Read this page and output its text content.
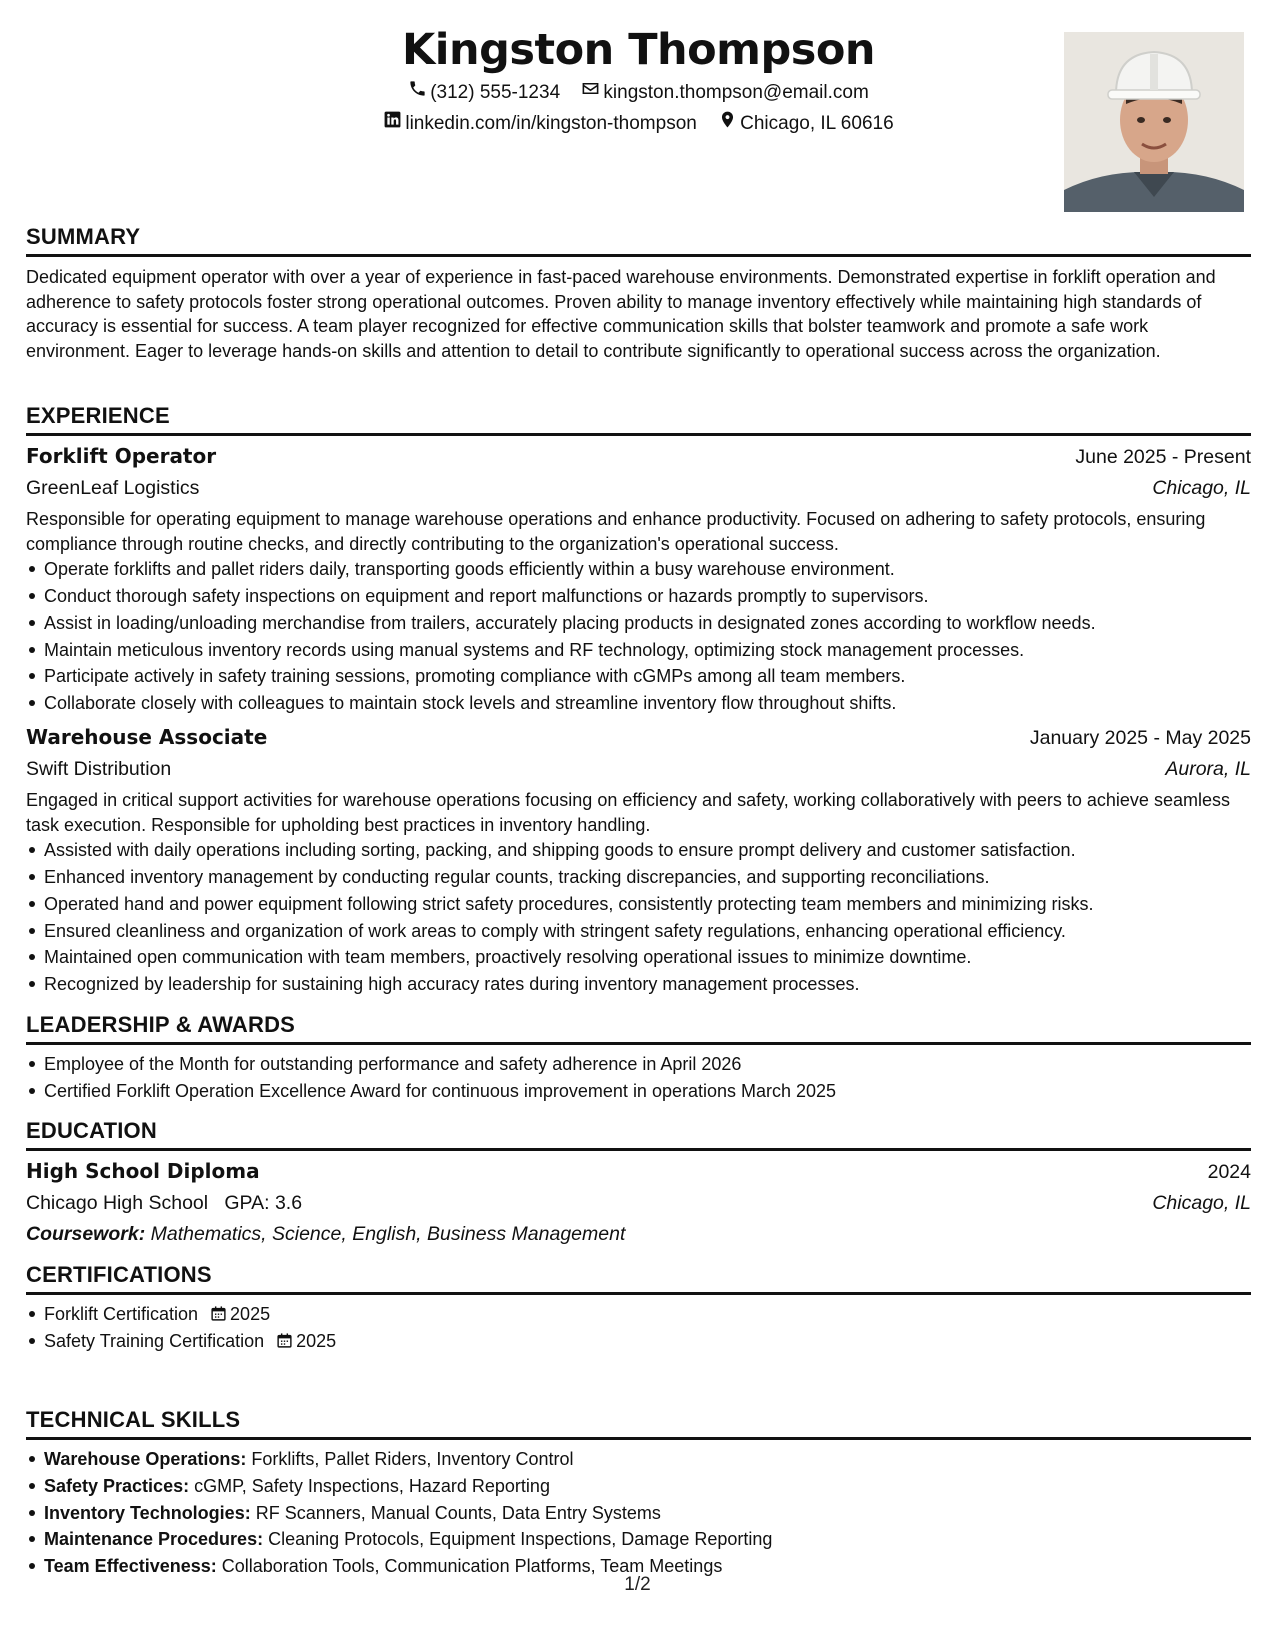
Kingston Thompson
(312) 555-1234
kingston.thompson@email.com
linkedin.com/in/kingston-thompson
Chicago, IL 60616
SUMMARY

Dedicated equipment operator with over a year of experience in fast-paced warehouse environments. Demonstrated expertise in forklift operation and adherence to safety protocols foster strong operational outcomes. Proven ability to manage inventory effectively while maintaining high standards of accuracy is essential for success. A team player recognized for effective communication skills that bolster teamwork and promote a safe work environment. Eager to leverage hands-on skills and attention to detail to contribute significantly to operational success across the organization.

EXPERIENCE
Forklift Operator	June 2025 - Present
GreenLeaf Logistics	Chicago, IL

Responsible for operating equipment to manage warehouse operations and enhance productivity. Focused on adhering to safety protocols, ensuring compliance through routine checks, and directly contributing to the organization's operational success.

Operate forklifts and pallet riders daily, transporting goods efficiently within a busy warehouse environment.
Conduct thorough safety inspections on equipment and report malfunctions or hazards promptly to supervisors.
Assist in loading/unloading merchandise from trailers, accurately placing products in designated zones according to workflow needs.
Maintain meticulous inventory records using manual systems and RF technology, optimizing stock management processes.
Participate actively in safety training sessions, promoting compliance with cGMPs among all team members.
Collaborate closely with colleagues to maintain stock levels and streamline inventory flow throughout shifts.
Warehouse Associate	January 2025 - May 2025
Swift Distribution	Aurora, IL

Engaged in critical support activities for warehouse operations focusing on efficiency and safety, working collaboratively with peers to achieve seamless task execution. Responsible for upholding best practices in inventory handling.

Assisted with daily operations including sorting, packing, and shipping goods to ensure prompt delivery and customer satisfaction.
Enhanced inventory management by conducting regular counts, tracking discrepancies, and supporting reconciliations.
Operated hand and power equipment following strict safety procedures, consistently protecting team members and minimizing risks.
Ensured cleanliness and organization of work areas to comply with stringent safety regulations, enhancing operational efficiency.
Maintained open communication with team members, proactively resolving operational issues to minimize downtime.
Recognized by leadership for sustaining high accuracy rates during inventory management processes.
LEADERSHIP & AWARDS
Employee of the Month for outstanding performance and safety adherence in April 2026
Certified Forklift Operation Excellence Award for continuous improvement in operations March 2025
EDUCATION
High School Diploma	2024
Chicago High School GPA: 3.6	Chicago, IL
Coursework: Mathematics, Science, English, Business Management
CERTIFICATIONS
Forklift Certification 2025
Safety Training Certification 2025
TECHNICAL SKILLS
Warehouse Operations: Forklifts, Pallet Riders, Inventory Control
Safety Practices: cGMP, Safety Inspections, Hazard Reporting
Inventory Technologies: RF Scanners, Manual Counts, Data Entry Systems
Maintenance Procedures: Cleaning Protocols, Equipment Inspections, Damage Reporting
Team Effectiveness: Collaboration Tools, Communication Platforms, Team Meetings
1/2
